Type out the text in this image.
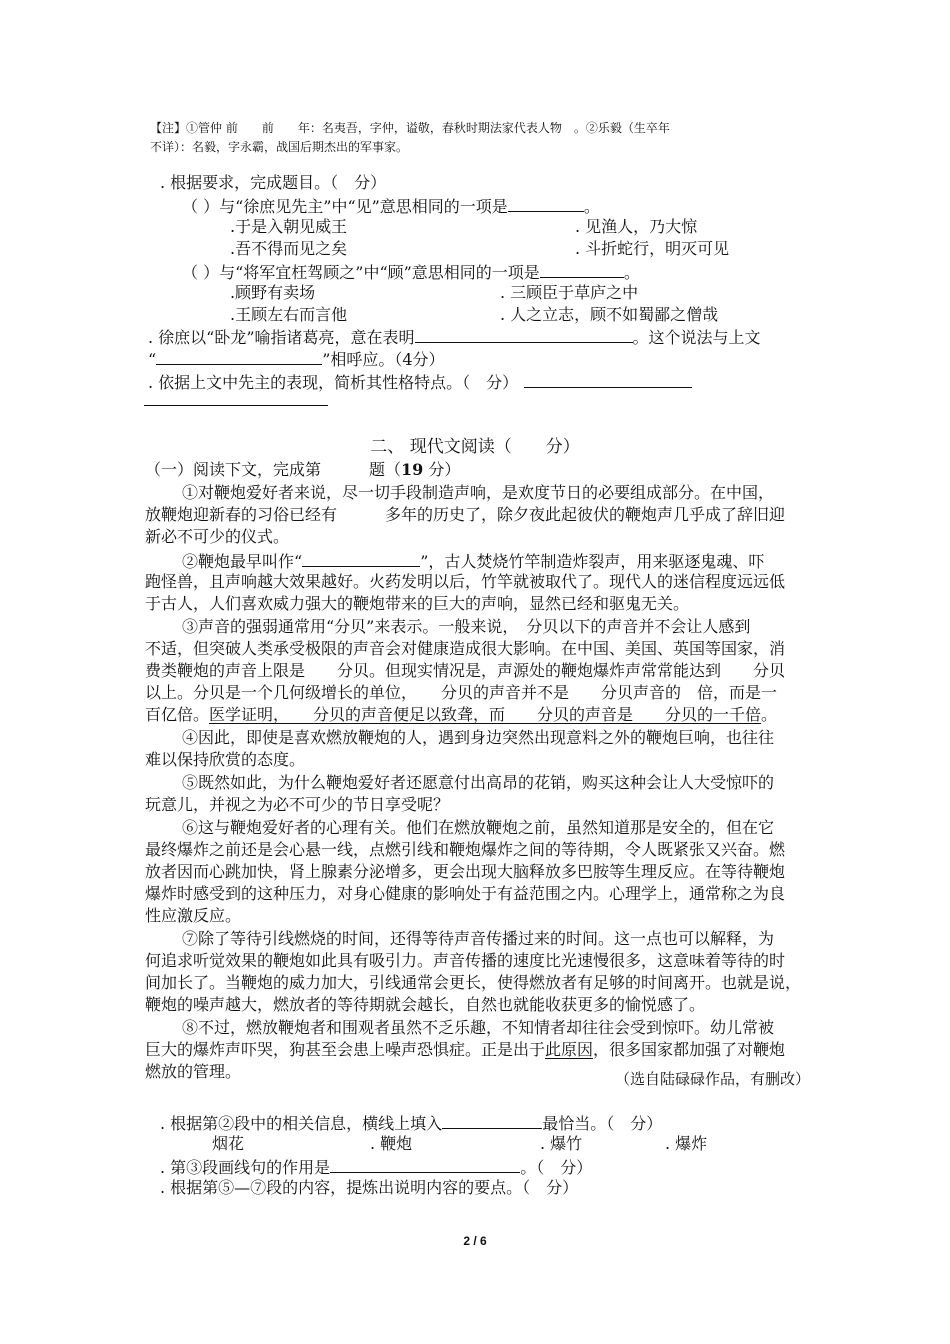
【注】①管仲 前　　前　　年：名夷吾，字仲，谥敬，春秋时期法家代表人物　。②乐毅（生卒年
不详）：名毅，字永霸，战国后期杰出的军事家。
. 根据要求，完成题目。（　分）
（ ）与“徐庶见先主”中“见”意思相同的一项是	。
.于是入朝见威王	. 见渔人，乃大惊
.吾不得而见之矣	. 斗折蛇行，明灭可见
（ ）与“将军宜枉驾顾之”中“顾”意思相同的一项是	。
.顾野有卖场	. 三顾臣于草庐之中
.王顾左右而言他	. 人之立志，顾不如蜀鄙之僧哉
. 徐庶以“卧龙”喻指诸葛亮，意在表明	。这个说法与上文
“	”相呼应。（4分）
. 依据上文中先主的表现，简析其性格特点。（　分）
二、 现代文阅读（　　分）
（一）阅读下文，完成第　　　题（19 分）
①对鞭炮爱好者来说，尽一切手段制造声响，是欢度节日的必要组成部分。在中国，
放鞭炮迎新春的习俗已经有　　　多年的历史了，除夕夜此起彼伏的鞭炮声几乎成了辞旧迎
新必不可少的仪式。
②鞭炮最早叫作“	”，古人焚烧竹竿制造炸裂声，用来驱逐鬼魂、吓
跑怪兽，且声响越大效果越好。火药发明以后，竹竿就被取代了。现代人的迷信程度远远低
于古人，人们喜欢威力强大的鞭炮带来的巨大的声响，显然已经和驱鬼无关。
③声音的强弱通常用“分贝”来表示。一般来说，　分贝以下的声音并不会让人感到
不适，但突破人类承受极限的声音会对健康造成很大影响。在中国、美国、英国等国家，消
费类鞭炮的声音上限是　　分贝。但现实情况是，声源处的鞭炮爆炸声常常能达到　　分贝
以上。分贝是一个几何级增长的单位，　　分贝的声音并不是　　分贝声音的　倍，而是一
百亿倍。医学证明，　　分贝的声音便足以致聋，而　　分贝的声音是　　分贝的一千倍。
④因此，即使是喜欢燃放鞭炮的人，遇到身边突然出现意料之外的鞭炮巨响，也往往
难以保持欣赏的态度。
⑤既然如此，为什么鞭炮爱好者还愿意付出高昂的花销，购买这种会让人大受惊吓的
玩意儿，并视之为必不可少的节日享受呢？
⑥这与鞭炮爱好者的心理有关。他们在燃放鞭炮之前，虽然知道那是安全的，但在它
最终爆炸之前还是会心悬一线，点燃引线和鞭炮爆炸之间的等待期，令人既紧张又兴奋。燃
放者因而心跳加快，肾上腺素分泌增多，更会出现大脑释放多巴胺等生理反应。在等待鞭炮
爆炸时感受到的这种压力，对身心健康的影响处于有益范围之内。心理学上，通常称之为良
性应激反应。
⑦除了等待引线燃烧的时间，还得等待声音传播过来的时间。这一点也可以解释，为
何追求听觉效果的鞭炮如此具有吸引力。声音传播的速度比光速慢很多，这意味着等待的时
间加长了。当鞭炮的威力加大，引线通常会更长，使得燃放者有足够的时间离开。也就是说，
鞭炮的噪声越大，燃放者的等待期就会越长，自然也就能收获更多的愉悦感了。
⑧不过，燃放鞭炮者和围观者虽然不乏乐趣，不知情者却往往会受到惊吓。幼儿常被
巨大的爆炸声吓哭，狗甚至会患上噪声恐惧症。正是出于此原因，很多国家都加强了对鞭炮
燃放的管理。	（选自陆碌碌作品，有删改）
. 根据第②段中的相关信息，横线上填入	最恰当。（　分）
烟花	. 鞭炮	. 爆竹	. 爆炸
. 第③段画线句的作用是	。（　分）
. 根据第⑤—⑦段的内容，提炼出说明内容的要点。（　分）
2 / 6
